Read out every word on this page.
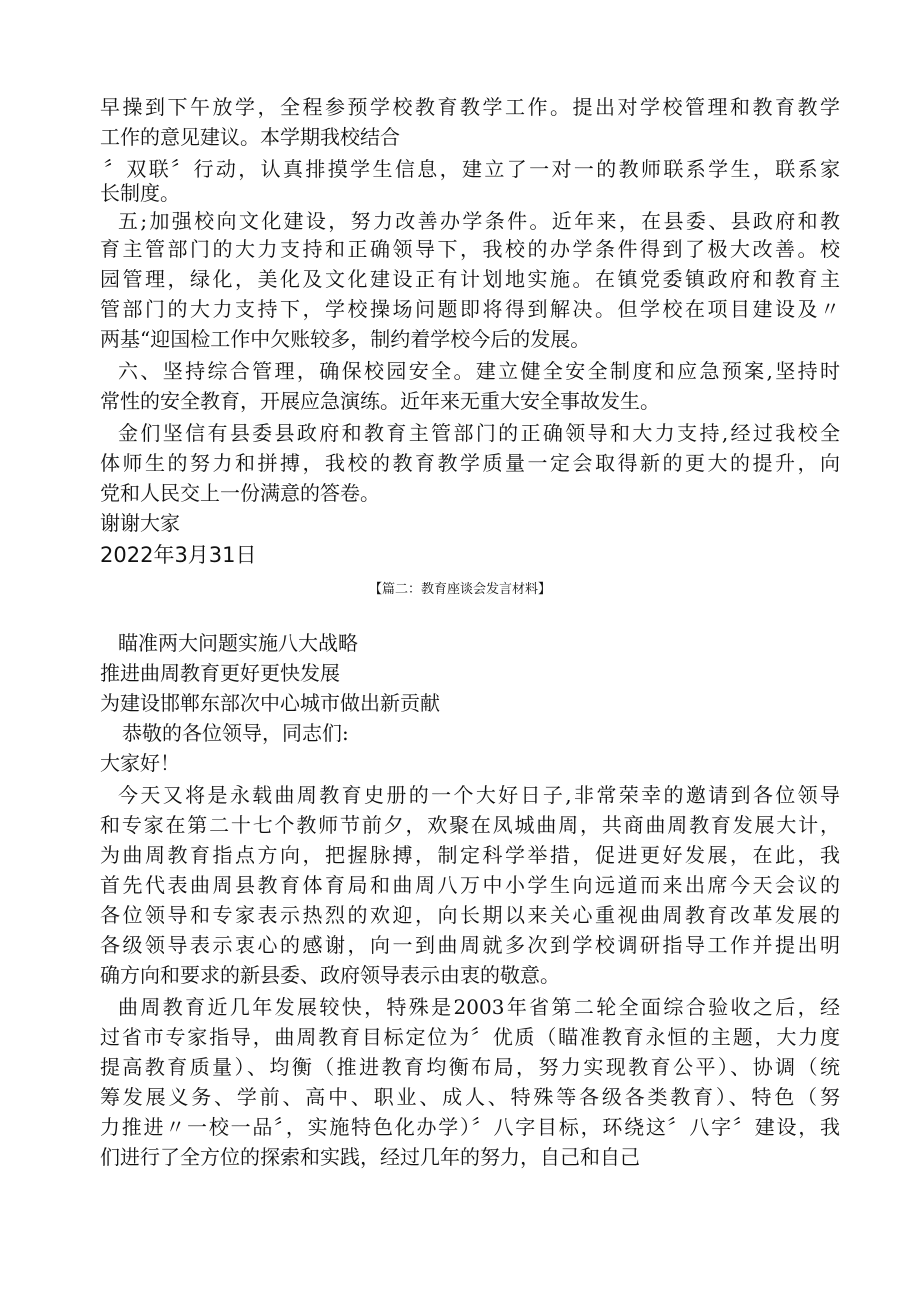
早操到下午放学，全程参预学校教育教学工作。提出对学校管理和教育教学
工作的意见建议。本学期我校结合
〞双联〞行动，认真排摸学生信息，建立了一对一的教师联系学生，联系家
长制度。
五;加强校向文化建设，努力改善办学条件。近年来，在县委、县政府和教
育主管部门的大力支持和正确领导下，我校的办学条件得到了极大改善。校
园管理，绿化，美化及文化建设正有计划地实施。在镇党委镇政府和教育主
管部门的大力支持下，学校操场问题即将得到解决。但学校在项目建设及〃
两基“迎国检工作中欠账较多，制约着学校今后的发展。
六、坚持综合管理，确保校园安全。建立健全安全制度和应急预案,坚持时
常性的安全教育，开展应急演练。近年来无重大安全事故发生。
金们坚信有县委县政府和教育主管部门的正确领导和大力支持,经过我校全
体师生的努力和拼搏，我校的教育教学质量一定会取得新的更大的提升，向
党和人民交上一份满意的答卷。
谢谢大家
2022年3月31日
【篇二：教育座谈会发言材料】
瞄准两大问题实施八大战略
推进曲周教育更好更快发展
为建设邯郸东部次中心城市做出新贡献
恭敬的各位领导，同志们:
大家好！
今天又将是永载曲周教育史册的一个大好日子,非常荣幸的邀请到各位领导
和专家在第二十七个教师节前夕，欢聚在凤城曲周，共商曲周教育发展大计，
为曲周教育指点方向，把握脉搏，制定科学举措，促进更好发展，在此，我
首先代表曲周县教育体育局和曲周八万中小学生向远道而来出席今天会议的
各位领导和专家表示热烈的欢迎，向长期以来关心重视曲周教育改革发展的
各级领导表示衷心的感谢，向一到曲周就多次到学校调研指导工作并提出明
确方向和要求的新县委、政府领导表示由衷的敬意。
曲周教育近几年发展较快，特殊是2003年省第二轮全面综合验收之后，经
过省市专家指导，曲周教育目标定位为〞优质（瞄准教育永恒的主题，大力度
提高教育质量）、均衡（推进教育均衡布局，努力实现教育公平）、协调（统
筹发展义务、学前、高中、职业、成人、特殊等各级各类教育）、特色（努
力推进〃一校一品〞，实施特色化办学）〞八字目标，环绕这〞八字〞建设，我
们进行了全方位的探索和实践，经过几年的努力，自己和自己
